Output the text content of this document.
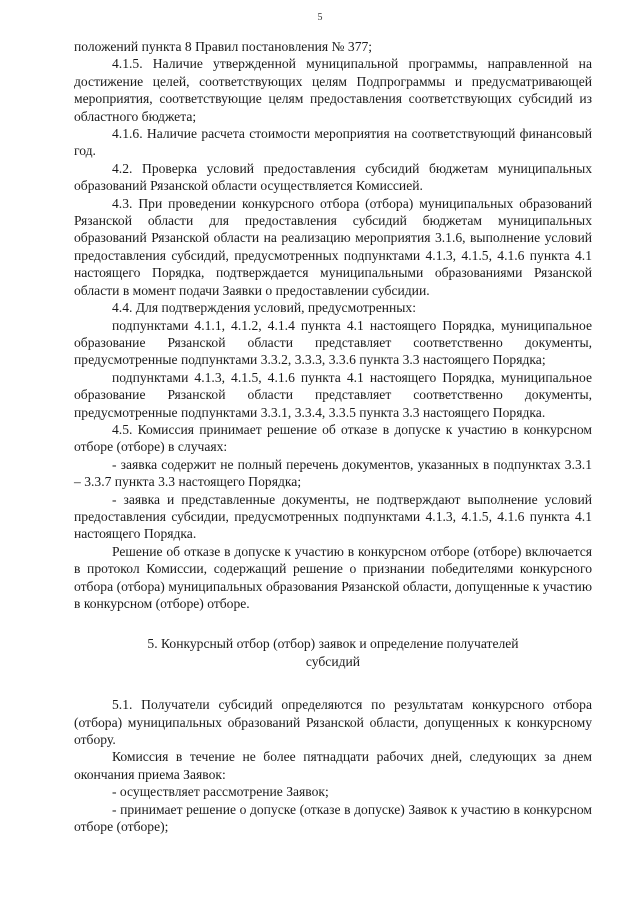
5

положений пункта 8 Правил постановления № 377;

4.1.5. Наличие утвержденной муниципальной программы, направленной на достижение целей, соответствующих целям Подпрограммы и предусматривающей мероприятия, соответствующие целям предоставления соответствующих субсидий из областного бюджета;

4.1.6. Наличие расчета стоимости мероприятия на соответствующий финансовый год.

4.2. Проверка условий предоставления субсидий бюджетам муниципальных образований Рязанской области осуществляется Комиссией.

4.3. При проведении конкурсного отбора (отбора) муниципальных образований Рязанской области для предоставления субсидий бюджетам муниципальных образований Рязанской области на реализацию мероприятия 3.1.6, выполнение условий предоставления субсидий, предусмотренных подпунктами 4.1.3, 4.1.5, 4.1.6 пункта 4.1 настоящего Порядка, подтверждается муниципальными образованиями Рязанской области в момент подачи Заявки о предоставлении субсидии.

4.4. Для подтверждения условий, предусмотренных:

подпунктами 4.1.1, 4.1.2, 4.1.4 пункта 4.1 настоящего Порядка, муниципальное образование Рязанской области представляет соответственно документы, предусмотренные подпунктами 3.3.2, 3.3.3, 3.3.6 пункта 3.3 настоящего Порядка;

подпунктами 4.1.3, 4.1.5, 4.1.6 пункта 4.1 настоящего Порядка, муниципальное образование Рязанской области представляет соответственно документы, предусмотренные подпунктами 3.3.1, 3.3.4, 3.3.5 пункта 3.3 настоящего Порядка.

4.5. Комиссия принимает решение об отказе в допуске к участию в конкурсном отборе (отборе) в случаях:

- заявка содержит не полный перечень документов, указанных в подпунктах 3.3.1 – 3.3.7 пункта 3.3 настоящего Порядка;

- заявка и представленные документы, не подтверждают выполнение условий предоставления субсидии, предусмотренных подпунктами 4.1.3, 4.1.5, 4.1.6 пункта 4.1 настоящего Порядка.

Решение об отказе в допуске к участию в конкурсном отборе (отборе) включается в протокол Комиссии, содержащий решение о признании победителями конкурсного отбора (отбора) муниципальных образования Рязанской области, допущенные к участию в конкурсном (отборе) отборе.

5. Конкурсный отбор (отбор) заявок и определение получателей
субсидий

5.1. Получатели субсидий определяются по результатам конкурсного отбора (отбора) муниципальных образований Рязанской области, допущенных к конкурсному отбору.

Комиссия в течение не более пятнадцати рабочих дней, следующих за днем окончания приема Заявок:

- осуществляет рассмотрение Заявок;

- принимает решение о допуске (отказе в допуске) Заявок к участию в конкурсном отборе (отборе);
